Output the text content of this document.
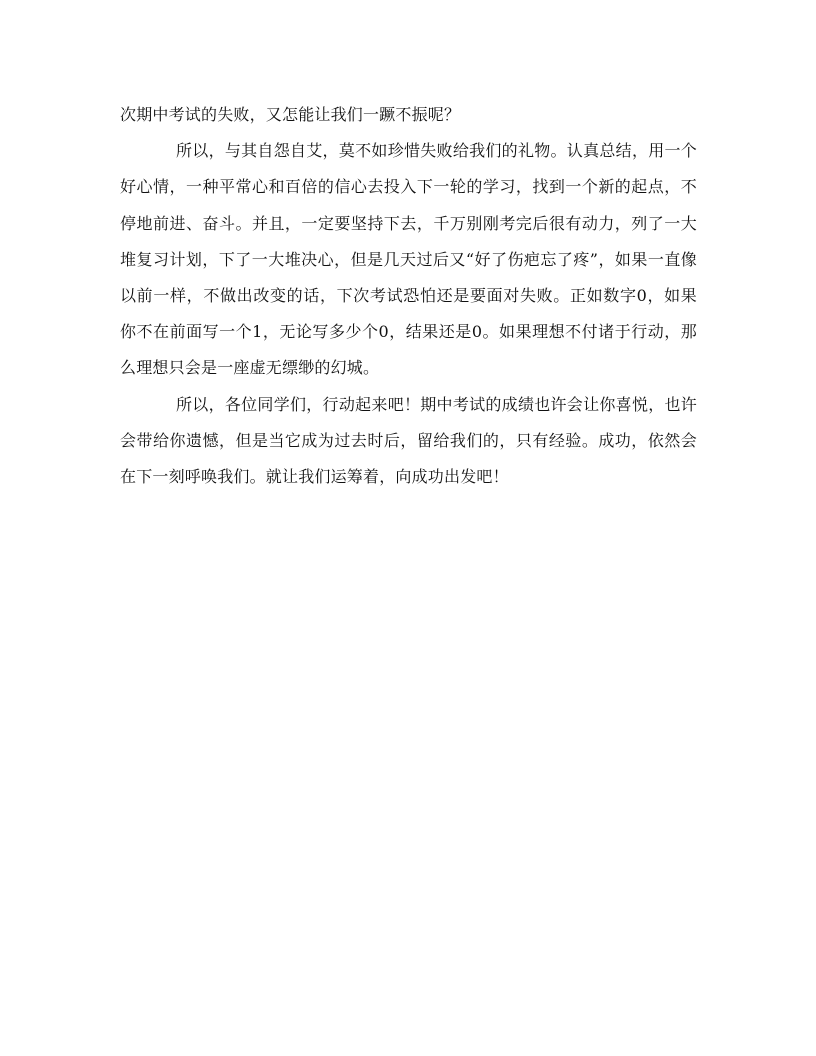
次期中考试的失败，又怎能让我们一蹶不振呢？

所以，与其自怨自艾，莫不如珍惜失败给我们的礼物。认真总结，用一个好心情，一种平常心和百倍的信心去投入下一轮的学习，找到一个新的起点，不停地前进、奋斗。并且，一定要坚持下去，千万别刚考完后很有动力，列了一大堆复习计划，下了一大堆决心，但是几天过后又“好了伤疤忘了疼”，如果一直像以前一样，不做出改变的话，下次考试恐怕还是要面对失败。正如数字0，如果你不在前面写一个1，无论写多少个0，结果还是0。如果理想不付诸于行动，那么理想只会是一座虚无缥缈的幻城。

所以，各位同学们，行动起来吧！期中考试的成绩也许会让你喜悦，也许会带给你遗憾，但是当它成为过去时后，留给我们的，只有经验。成功，依然会在下一刻呼唤我们。就让我们运筹着，向成功出发吧！
